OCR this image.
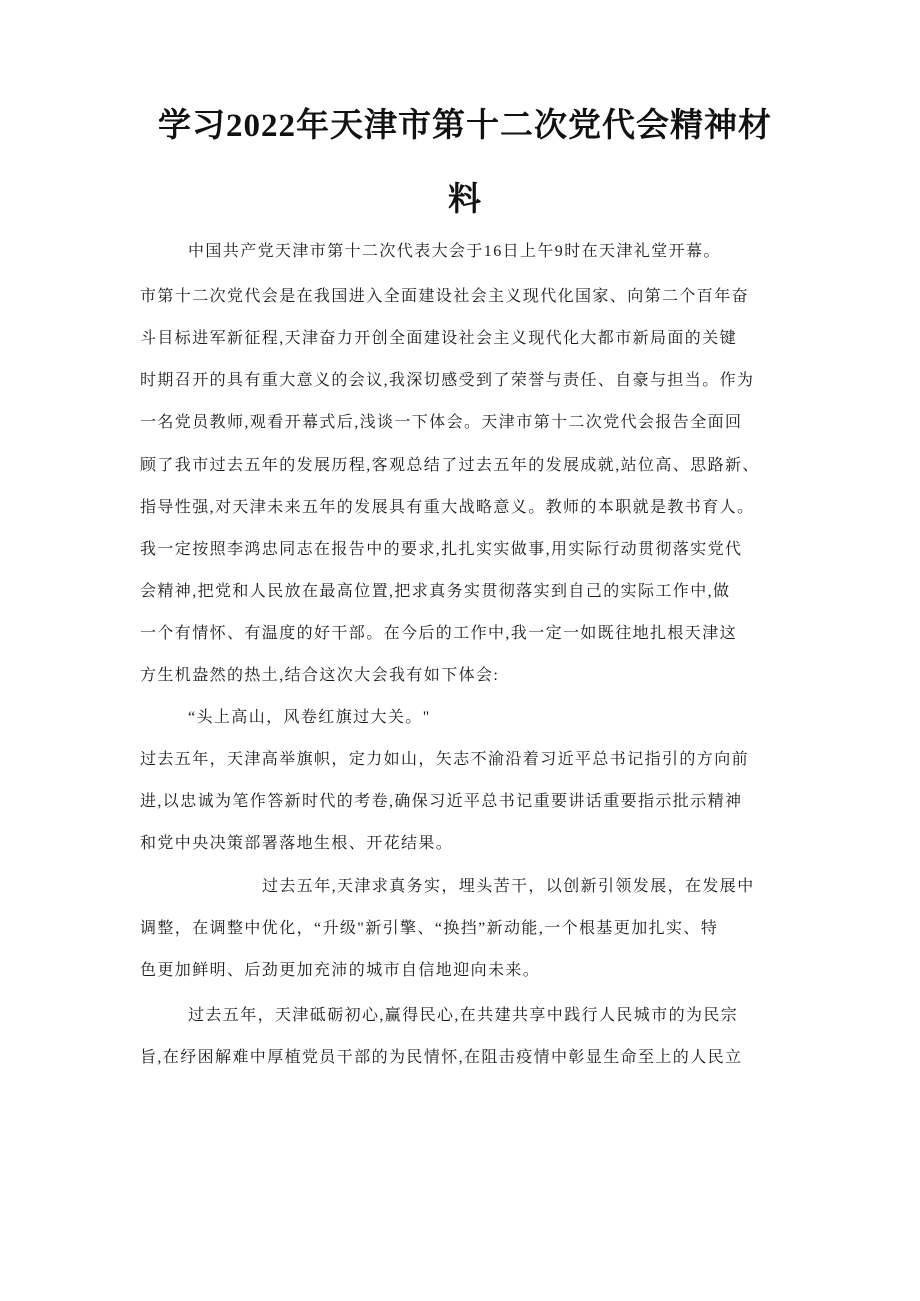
学习2022年天津市第十二次党代会精神材
料

中国共产党天津市第十二次代表大会于16日上午9时在天津礼堂开幕。

市第十二次党代会是在我国进入全面建设社会主义现代化国家、向第二个百年奋

斗目标进军新征程,天津奋力开创全面建设社会主义现代化大都市新局面的关键

时期召开的具有重大意义的会议,我深切感受到了荣誉与责任、自豪与担当。作为

一名党员教师,观看开幕式后,浅谈一下体会。天津市第十二次党代会报告全面回

顾了我市过去五年的发展历程,客观总结了过去五年的发展成就,站位高、思路新、

指导性强,对天津未来五年的发展具有重大战略意义。教师的本职就是教书育人。

我一定按照李鸿忠同志在报告中的要求,扎扎实实做事,用实际行动贯彻落实党代

会精神,把党和人民放在最高位置,把求真务实贯彻落实到自己的实际工作中,做

一个有情怀、有温度的好干部。在今后的工作中,我一定一如既往地扎根天津这

方生机盎然的热土,结合这次大会我有如下体会:

“头上高山，风卷红旗过大关。"

过去五年，天津高举旗帜，定力如山，矢志不渝沿着习近平总书记指引的方向前

进,以忠诚为笔作答新时代的考卷,确保习近平总书记重要讲话重要指示批示精神

和党中央决策部署落地生根、开花结果。

过去五年,天津求真务实，埋头苦干，以创新引领发展，在发展中

调整，在调整中优化，“升级"新引擎、“换挡”新动能,一个根基更加扎实、特

色更加鲜明、后劲更加充沛的城市自信地迎向未来。

过去五年，天津砥砺初心,赢得民心,在共建共享中践行人民城市的为民宗

旨,在纾困解难中厚植党员干部的为民情怀,在阻击疫情中彰显生命至上的人民立
